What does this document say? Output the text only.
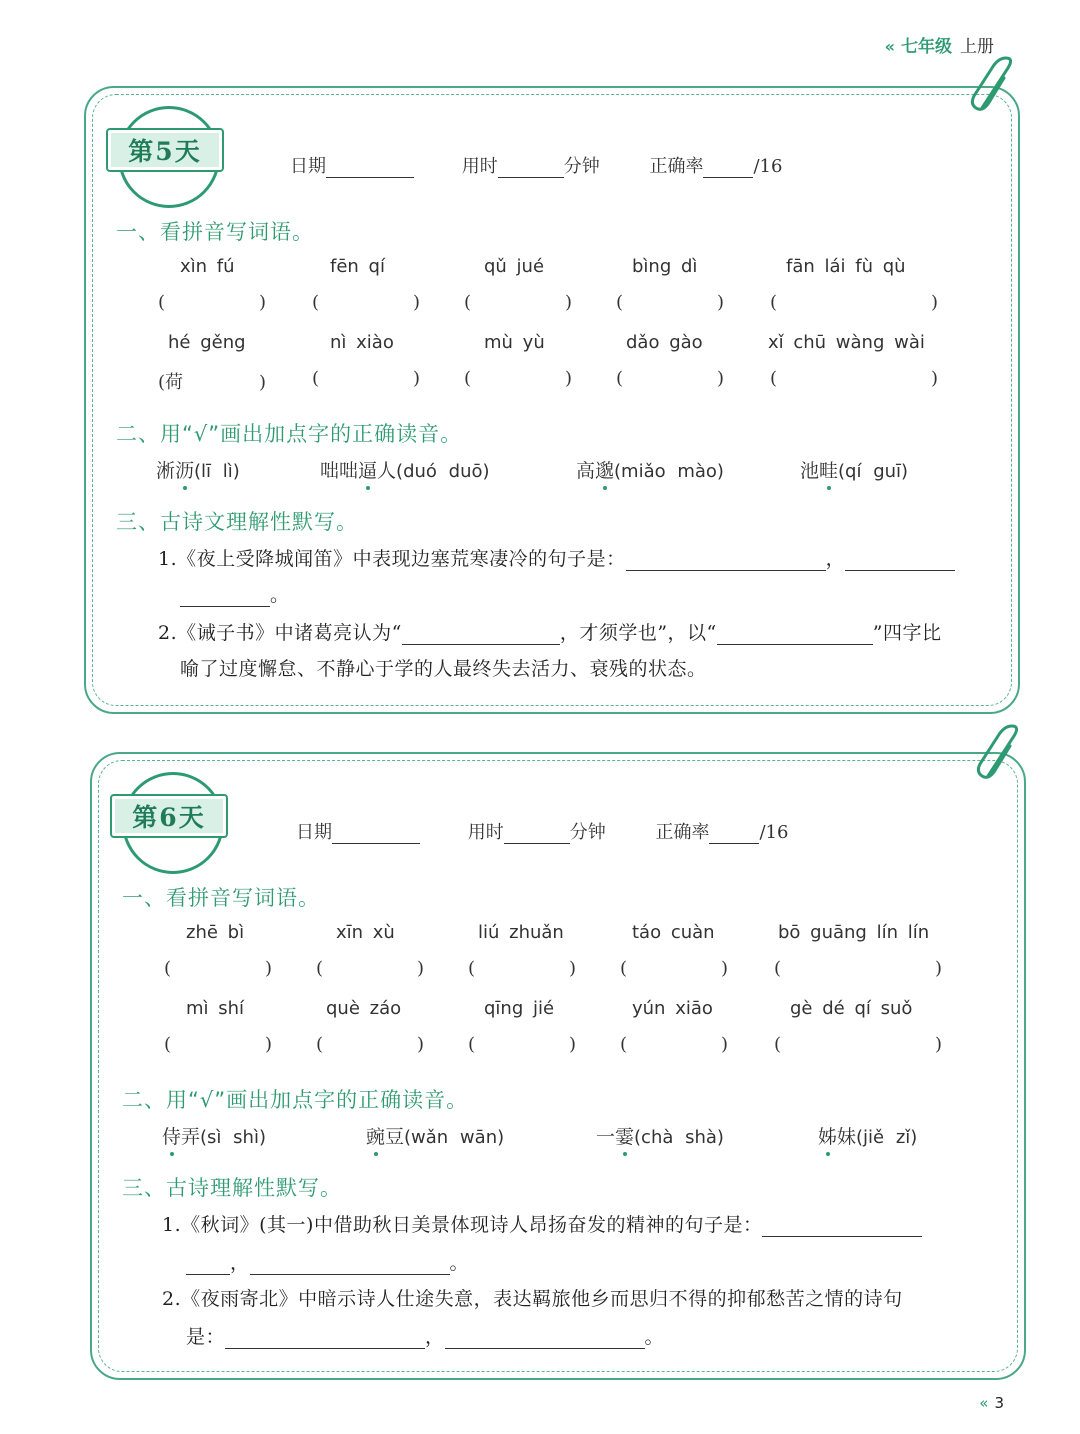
« 七年级 上册
第5天
日期	用时	分钟	正确率	/16
一、看拼音写词语。
xìn fú	fēn qí	qǔ jué	bìng dì	fān lái fù qù
(	)	(	) (	) (	)	(	)
hé gěng	nì xiào	mù yù	dǎo gào	xǐ chū wàng wài
(荷	)	(	) (	) (	)	(	)
二、用“√”画出加点字的正确读音。
淅沥(lī lì)	咄咄逼人(duó duō)	高邈(miǎo mào)	池畦(qí guī)
三、古诗文理解性默写。
1.《夜上受降城闻笛》中表现边塞荒寒凄冷的句子是：	，
。
2.《诫子书》中诸葛亮认为“	，才须学也”，以“	”四字比
喻了过度懈怠、不静心于学的人最终失去活力、衰残的状态。
第6天
日期	用时	分钟	正确率	/16
一、看拼音写词语。
zhē bì	xīn xù	liú zhuǎn	táo cuàn	bō guāng lín lín
(	) (	) (	) (	)	(	)
mì shí	què záo	qīng jié	yún xiāo	gè dé qí suǒ
(	) (	) (	) (	)	(	)
二、用“√”画出加点字的正确读音。
侍弄(sì shì)	豌豆(wǎn wān)	一霎(chà shà)	姊妹(jiě zǐ)
三、古诗理解性默写。
1.《秋词》(其一)中借助秋日美景体现诗人昂扬奋发的精神的句子是：
，	。
2.《夜雨寄北》中暗示诗人仕途失意，表达羁旅他乡而思归不得的抑郁愁苦之情的诗句
是：	，	。
« 3
